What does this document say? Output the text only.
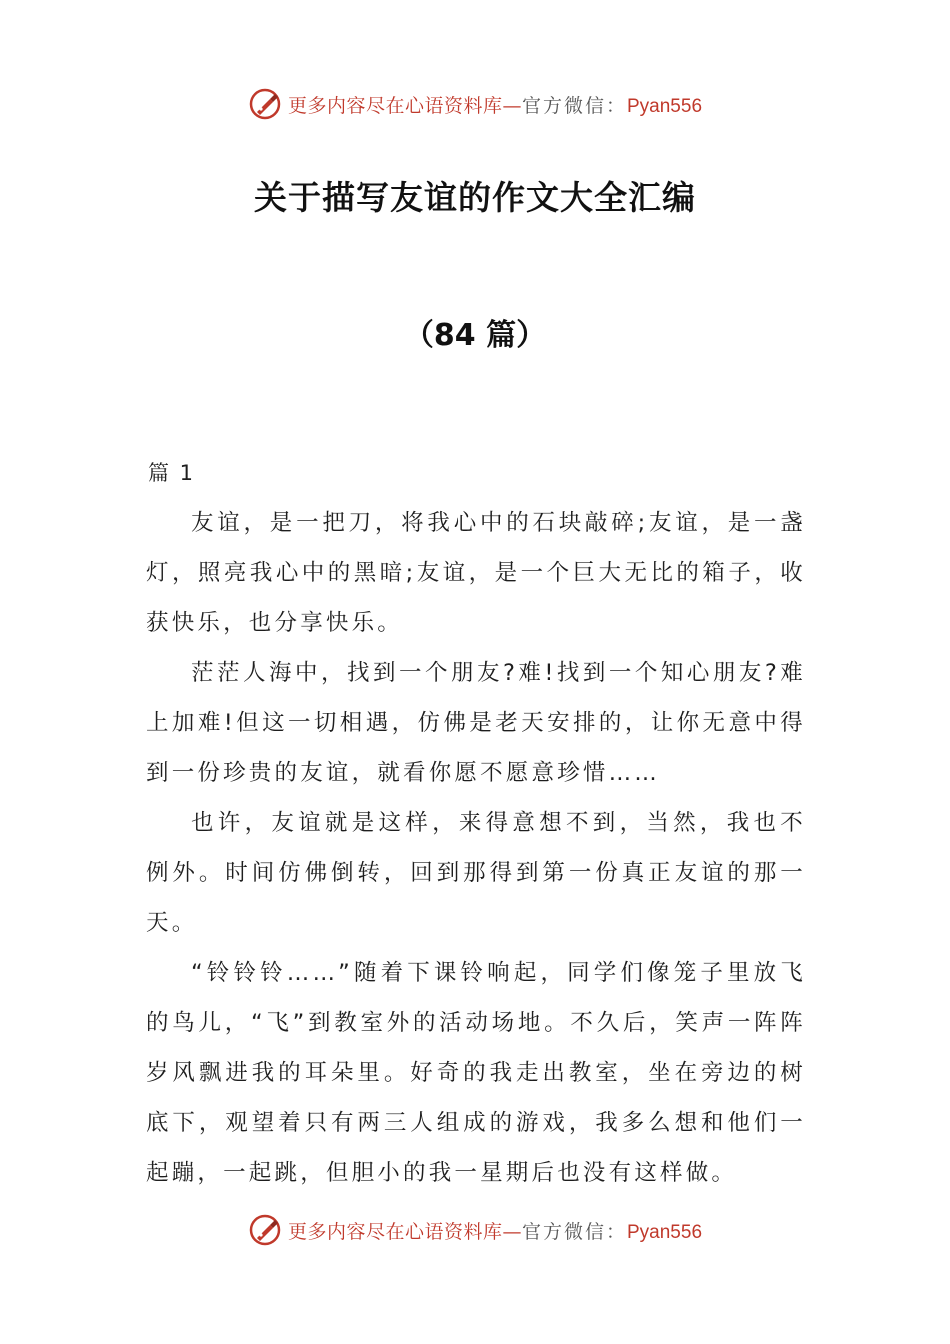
更多内容尽在心语资料库—官方微信：Pyan556
关于描写友谊的作文大全汇编
（84 篇）
篇 1

友谊，是一把刀，将我心中的石块敲碎;友谊，是一盏灯，照亮我心中的黑暗;友谊，是一个巨大无比的箱子，收获快乐，也分享快乐。

茫茫人海中，找到一个朋友?难!找到一个知心朋友?难上加难!但这一切相遇，仿佛是老天安排的，让你无意中得到一份珍贵的友谊，就看你愿不愿意珍惜……

也许，友谊就是这样，来得意想不到，当然，我也不例外。时间仿佛倒转，回到那得到第一份真正友谊的那一天。

“铃铃铃……”随着下课铃响起，同学们像笼子里放飞的鸟儿，“飞”到教室外的活动场地。不久后，笑声一阵阵岁风飘进我的耳朵里。好奇的我走出教室，坐在旁边的树底下，观望着只有两三人组成的游戏，我多么想和他们一起蹦，一起跳，但胆小的我一星期后也没有这样做。

更多内容尽在心语资料库—官方微信：Pyan556
